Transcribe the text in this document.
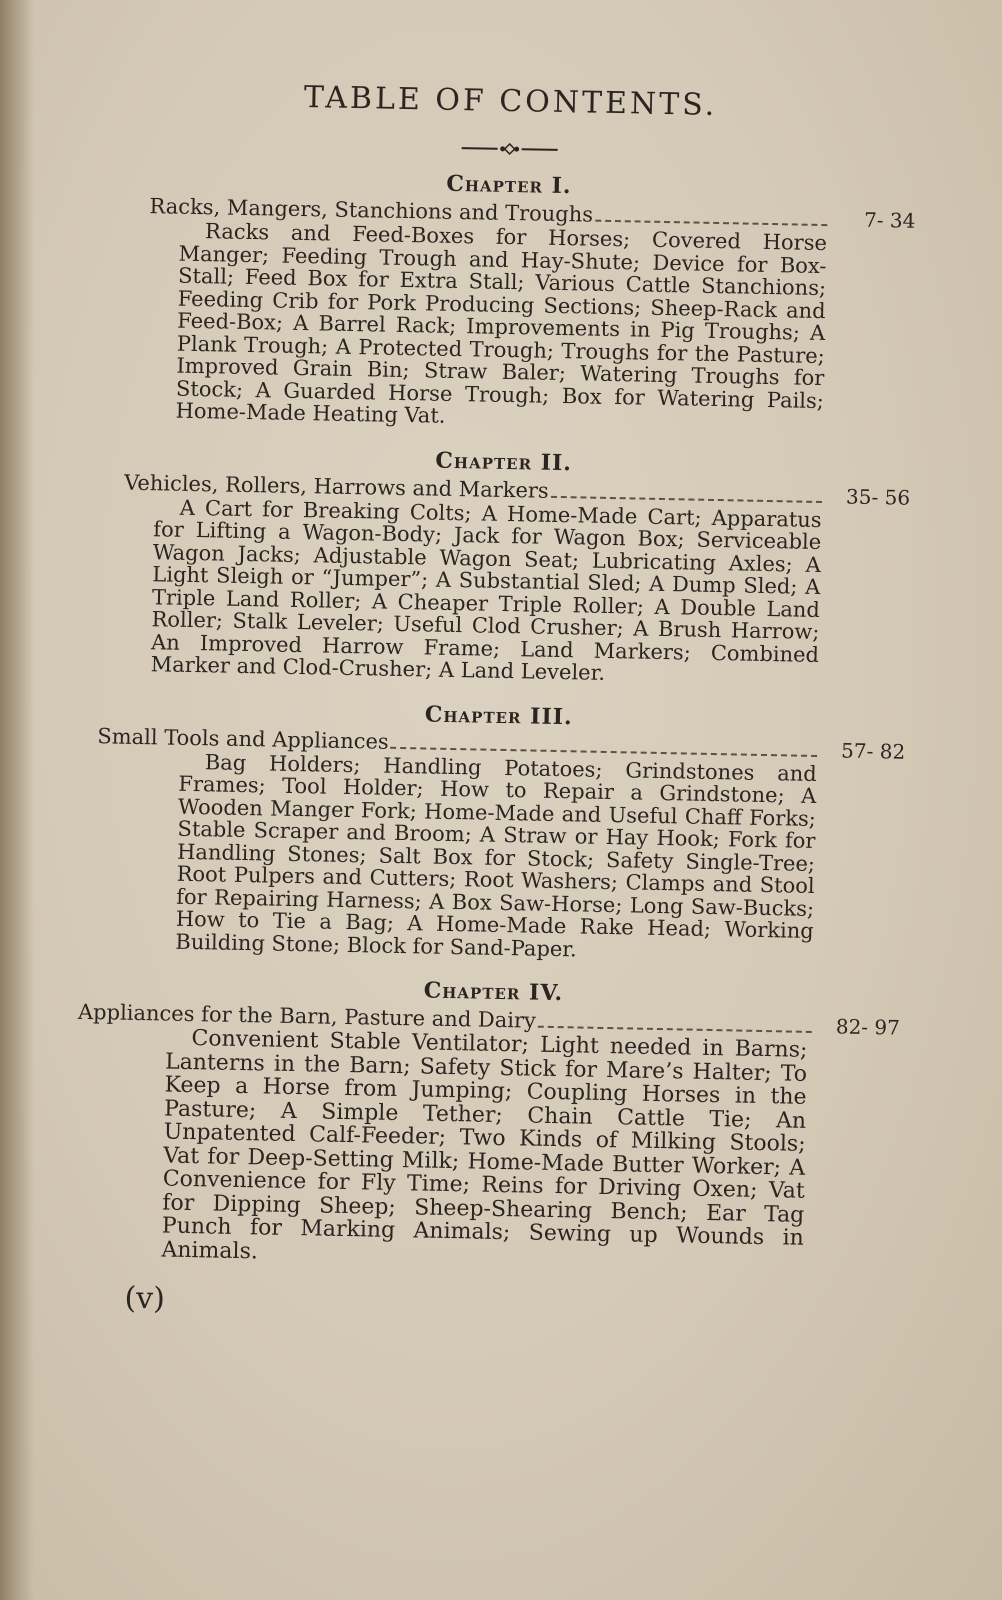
TABLE OF CONTENTS.
Chapter I.
Racks, Mangers, Stanchions and Troughs	7- 34

Racks and Feed-Boxes for Horses; Covered Horse Manger; Feeding Trough and Hay-Shute; Device for Box-Stall; Feed Box for Extra Stall; Various Cattle Stanchions; Feeding Crib for Pork Producing Sections; Sheep-Rack and Feed-Box; A Barrel Rack; Improvements in Pig Troughs; A Plank Trough; A Protected Trough; Troughs for the Pasture; Improved Grain Bin; Straw Baler; Watering Troughs for Stock; A Guarded Horse Trough; Box for Watering Pails; Home-Made Heating Vat.

Chapter II.
Vehicles, Rollers, Harrows and Markers	35- 56

A Cart for Breaking Colts; A Home-Made Cart; Apparatus for Lifting a Wagon-Body; Jack for Wagon Box; Serviceable Wagon Jacks; Adjustable Wagon Seat; Lubricating Axles; A Light Sleigh or “Jumper”; A Substantial Sled; A Dump Sled; A Triple Land Roller; A Cheaper Triple Roller; A Double Land Roller; Stalk Leveler; Useful Clod Crusher; A Brush Harrow; An Improved Harrow Frame; Land Markers; Combined Marker and Clod-Crusher; A Land Leveler.

Chapter III.
Small Tools and Appliances	57- 82

Bag Holders; Handling Potatoes; Grindstones and Frames; Tool Holder; How to Repair a Grindstone; A Wooden Manger Fork; Home-Made and Useful Chaff Forks; Stable Scraper and Broom; A Straw or Hay Hook; Fork for Handling Stones; Salt Box for Stock; Safety Single-Tree; Root Pulpers and Cutters; Root Washers; Clamps and Stool for Repairing Harness; A Box Saw-Horse; Long Saw-Bucks; How to Tie a Bag; A Home-Made Rake Head; Working Building Stone; Block for Sand-Paper.

Chapter IV.
Appliances for the Barn, Pasture and Dairy	82- 97

Convenient Stable Ventilator; Light needed in Barns; Lanterns in the Barn; Safety Stick for Mare’s Halter; To Keep a Horse from Jumping; Coupling Horses in the Pasture; A Simple Tether; Chain Cattle Tie; An Unpatented Calf-Feeder; Two Kinds of Milking Stools; Vat for Deep-Setting Milk; Home-Made Butter Worker; A Convenience for Fly Time; Reins for Driving Oxen; Vat for Dipping Sheep; Sheep-Shearing Bench; Ear Tag Punch for Marking Animals; Sewing up Wounds in Animals.

(v)
